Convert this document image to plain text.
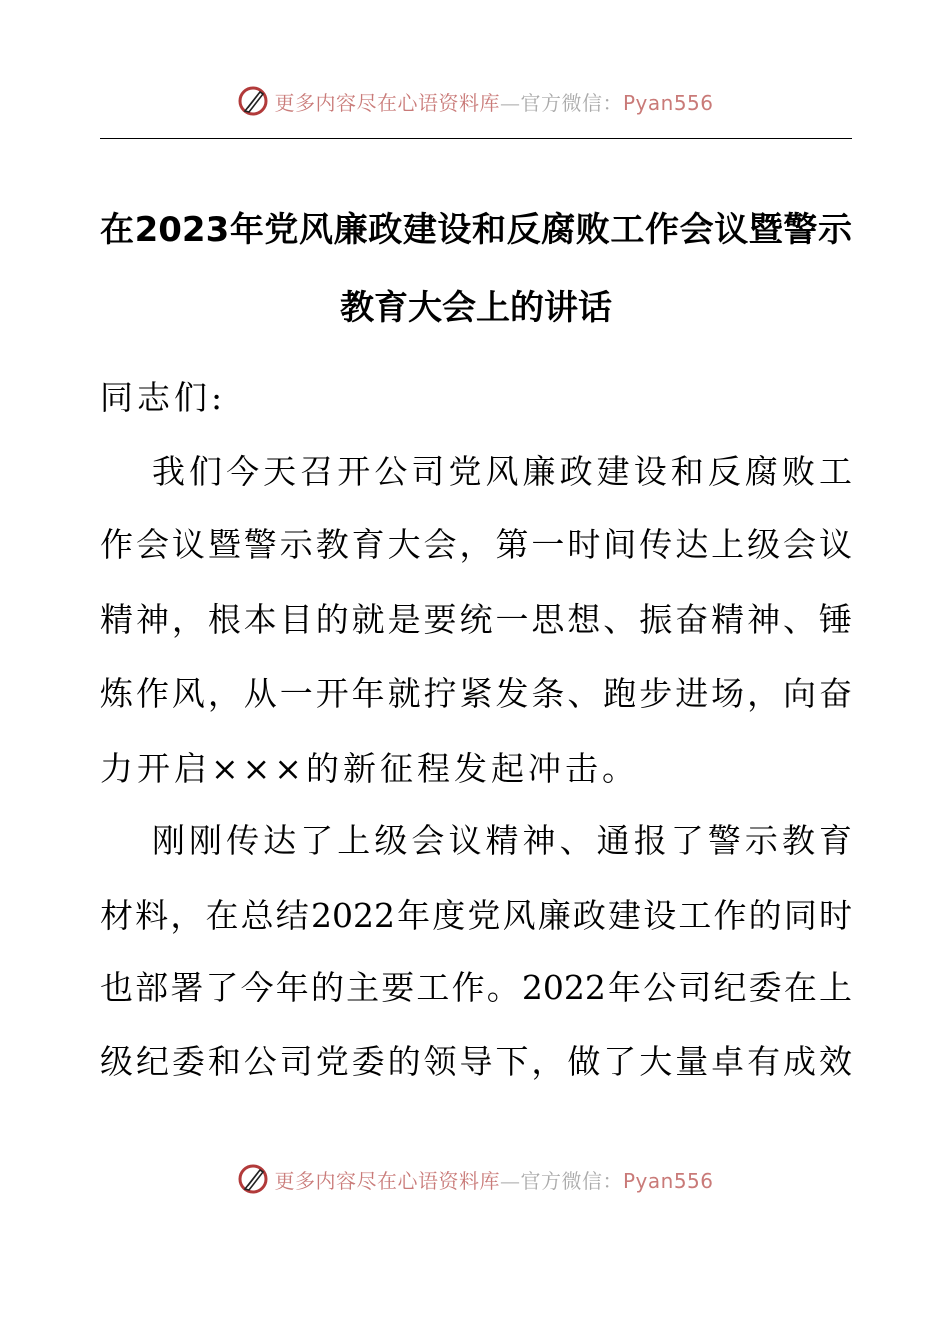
更多内容尽在心语资料库—官方微信：Pyan556
在2023年党风廉政建设和反腐败工作会议暨警示
教育大会上的讲话
同志们:
我们今天召开公司党风廉政建设和反腐败工
作会议暨警示教育大会，第一时间传达上级会议
精神，根本目的就是要统一思想、振奋精神、锤
炼作风，从一开年就拧紧发条、跑步进场，向奋
力开启×××的新征程发起冲击。
刚刚传达了上级会议精神、通报了警示教育
材料，在总结2022年度党风廉政建设工作的同时
也部署了今年的主要工作。2022年公司纪委在上
级纪委和公司党委的领导下，做了大量卓有成效
更多内容尽在心语资料库—官方微信：Pyan556
